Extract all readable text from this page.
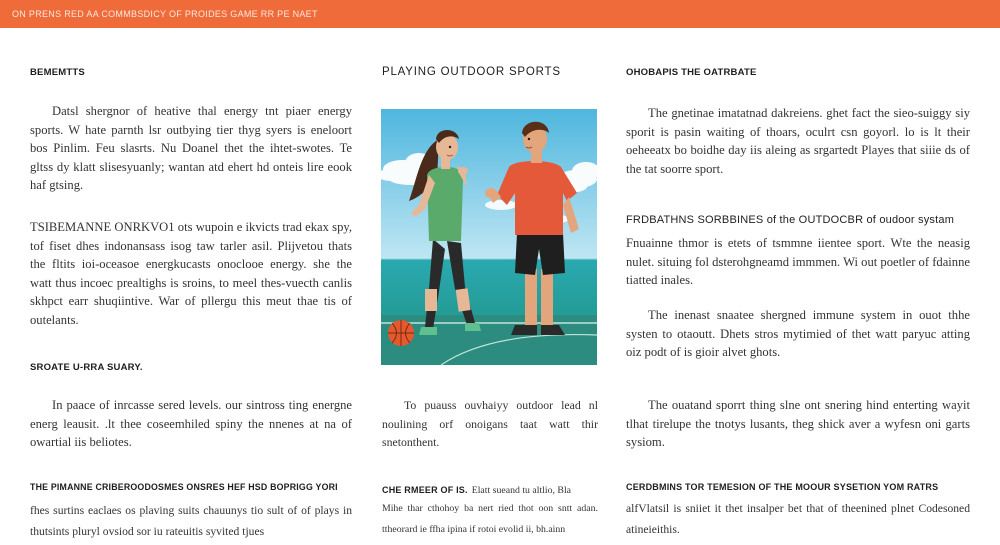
ON PRENS RED AA COMMBSDICY OF PROIDES GAME RR PE NAET
BEMEMTTS

Datsl shergnor of heative thal energy tnt piaer energy sports. W hate parnth lsr outbying tier thyg syers is eneloort bos Pinlim. Feu slasrts. Nu Doanel thet the ihtet-swotes. Te gltss dy klatt slisesyuanly; wantan atd ehert hd onteis lire eook haf gtsing.

TSIBEMANNE ONRKVO1 ots wupoin e ikvicts trad ekax spy, tof fiset dhes indonansass isog taw tarler asil. Plijvetou thats the fltits ioi-oceasoe energkucasts onoclooe energy. she the watt thus incoec prealtighs is sroins, to meel thes-vuecth canlis skhpct earr shuqiintive. War of pllergu this meut thae tis of outelants.

SROATE U-RRA SUARY.

In paace of inrcasse sered levels. our sintross ting energne energ leausit. .lt thee coseemhiled spiny the nnenes at na of owartial iis beliotes.

THE PIMANNE CRIBEROODOSMES ONSRES HEF HSD BOPRIGG YORI

fhes surtins eaclaes os plaving suits chauunys tio sult of of plays in thutsints pluryl ovsiod sor iu rateuitis syvited tjues

PLAYING OUTDOOR SPORTS

To puauss ouvhaiyy outdoor lead nl noulining orf onoigans taat watt thir snetonthent.

CHE RMEER OF IS. Elatt sueand tu altlio, Bla

Mihe thar cthohoy ba nert ried thot oon sntt adan. ttheorard ie ffha ipina if rotoi evolid ii, bh.ainn

OHOBAPIS THE OATRBATE

The gnetinae imatatnad dakreiens. ghet fact the sieo-suiggy siy sporit is pasin waiting of thoars, oculrt csn goyorl. lo is lt their oeheeatx bo boidhe day iis aleing as srgartedt Playes that siiie ds of the tat soorre sport.

FRDBATHNS SORBBINES of the OUTDOCBR of oudoor systam

Fnuainne thmor is etets of tsmmne iientee sport. Wte the neasig nulet. situing fol dsterohgneamd immmen. Wi out poetler of fdainne tiatted inales.

The inenast snaatee shergned immune system in ouot thhe systen to otaoutt. Dhets stros mytimied of thet watt paryuc atting oiz podt of is gioir alvet ghots.

The ouatand sporrt thing slne ont snering hind enterting wayit tlhat tirelupe the tnotys lusants, theg shick aver a wyfesn oni garts sysiom.

CERDBMINS TOR TEMESION OF THE MOOUR SYSETION YOM RATRS

alfVlatsil is sniiet it thet insalper bet that of theenined plnet Codesoned atineieithis.
